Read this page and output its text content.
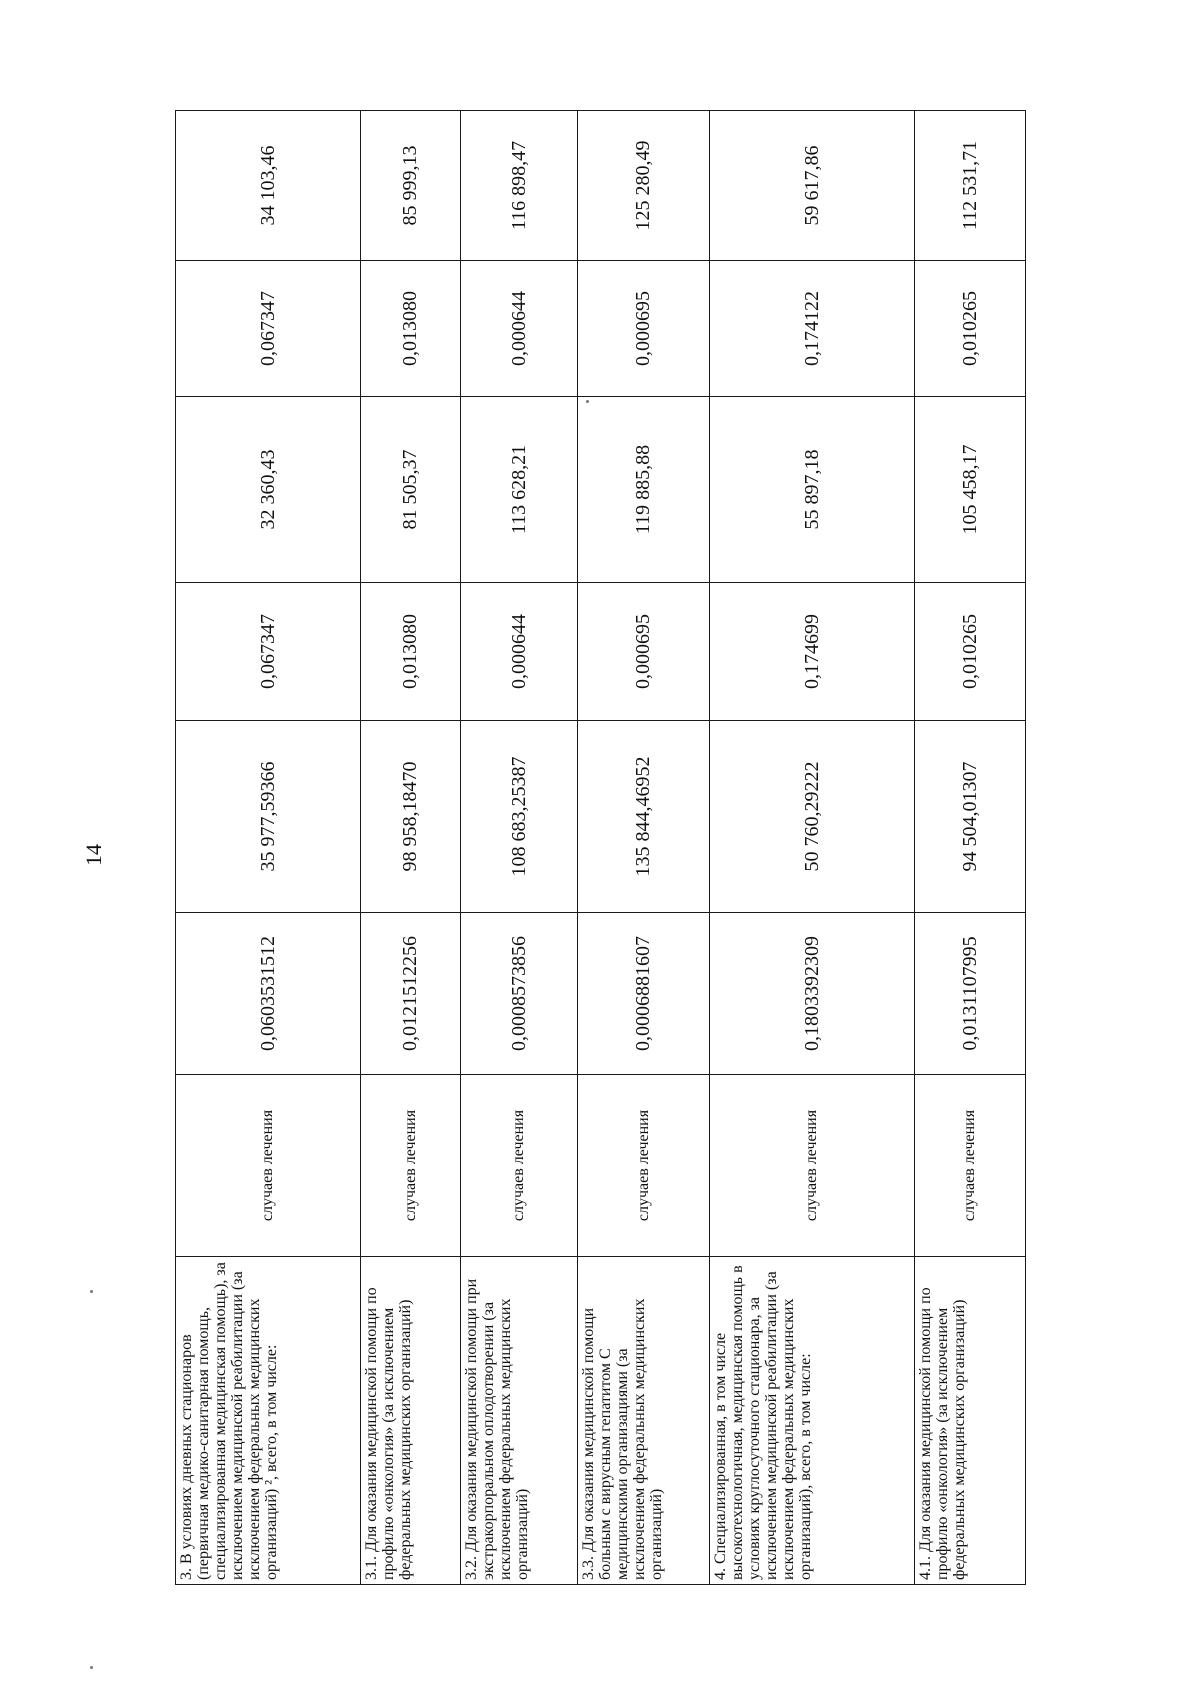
14
3. В условиях дневных стационаров (первичная медико-санитарная помощь, специализированная медицинская помощь), за исключением медицинской реабилитации (за исключением федеральных медицинских организаций) ², всего, в том числе:	случаев лечения	0,0603531512	35 977,59366	0,067347	32 360,43	0,067347	34 103,46
3.1. Для оказания медицинской помощи по профилю «онкология» (за исключением федеральных медицинских организаций)	случаев лечения	0,0121512256	98 958,18470	0,013080	81 505,37	0,013080	85 999,13
3.2. Для оказания медицинской помощи при экстракорпоральном оплодотворении (за исключением федеральных медицинских организаций)	случаев лечения	0,0008573856	108 683,25387	0,000644	113 628,21	0,000644	116 898,47
3.3. Для оказания медицинской помощи больным с вирусным гепатитом С медицинскими организациями (за исключением федеральных медицинских организаций)	случаев лечения	0,0006881607	135 844,46952	0,000695	119 885,88	0,000695	125 280,49
4. Специализированная, в том числе высокотехнологичная, медицинская помощь в условиях круглосуточного стационара, за исключением медицинской реабилитации (за исключением федеральных медицинских организаций), всего, в том числе:	случаев лечения	0,1803392309	50 760,29222	0,174699	55 897,18	0,174122	59 617,86
4.1. Для оказания медицинской помощи по профилю «онкология» (за исключением федеральных медицинских организаций)	случаев лечения	0,0131107995	94 504,01307	0,010265	105 458,17	0,010265	112 531,71
